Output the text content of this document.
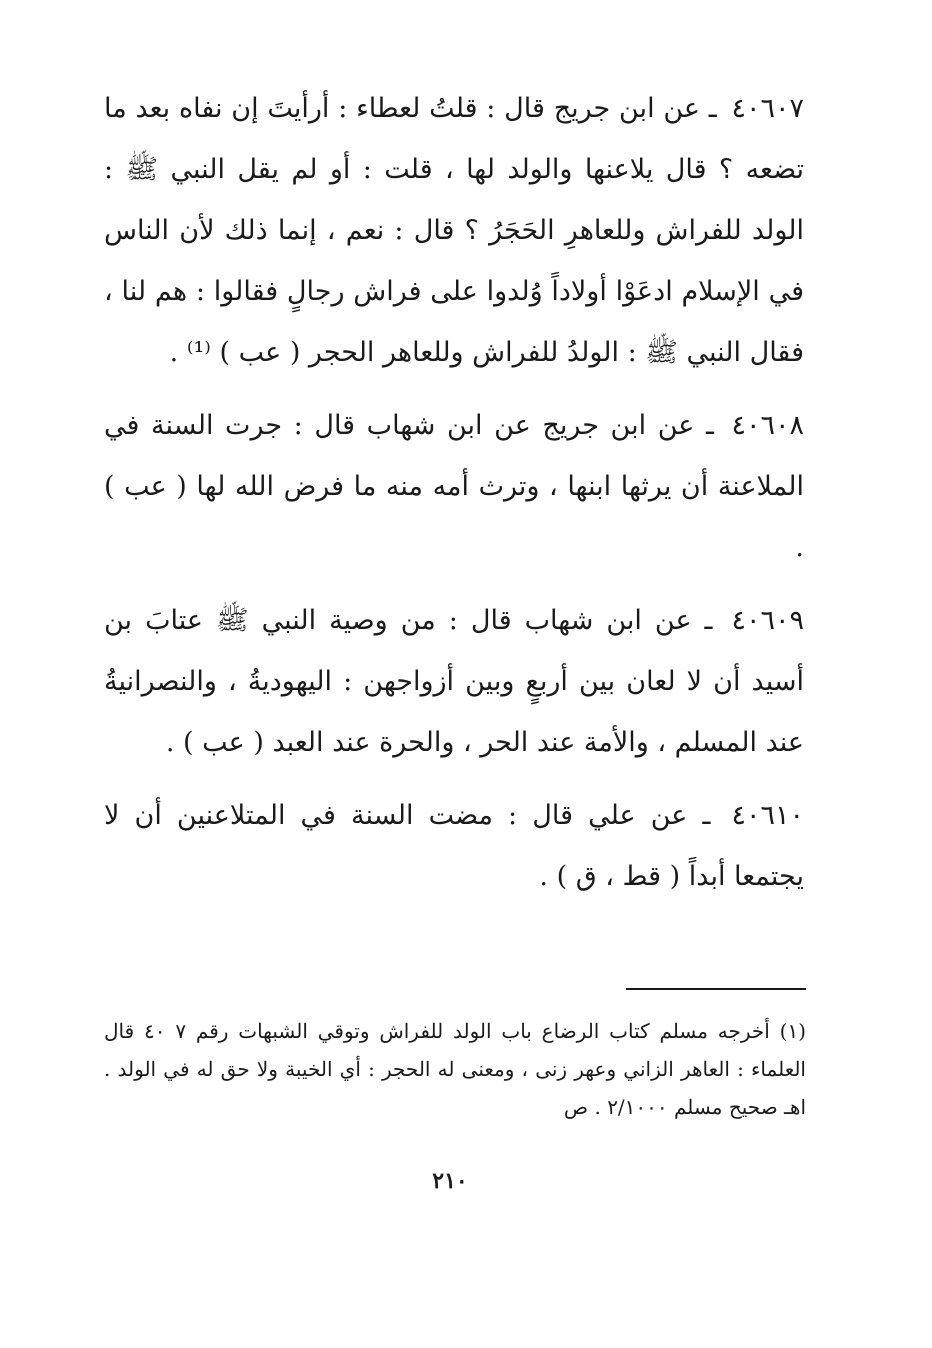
٤٠٦٠٧ ـ عن ابن جريج قال : قلتُ لعطاء : أرأيتَ إن نفاه بعد ما تضعه ؟ قال يلاعنها والولد لها ، قلت : أو لم يقل النبي ﷺ : الولد للفراش وللعاهرِ الحَجَرُ ؟ قال : نعم ، إنما ذلك لأن الناس في الإسلام ادعَوْا أولاداً وُلدوا على فراش رجالٍ فقالوا : هم لنا ، فقال النبي ﷺ : الولدُ للفراش وللعاهر الحجر ( عب ) ⁽¹⁾ .

٤٠٦٠٨ ـ عن ابن جريج عن ابن شهاب قال : جرت السنة في الملاعنة أن يرثها ابنها ، وترث أمه منه ما فرض الله لها ( عب ) .

٤٠٦٠٩ ـ عن ابن شهاب قال : من وصية النبي ﷺ عتابَ بن أسيد أن لا لعان بين أربعٍ وبين أزواجهن : اليهوديةُ ، والنصرانيةُ عند المسلم ، والأمة عند الحر ، والحرة عند العبد ( عب ) .

٤٠٦١٠ ـ عن علي قال : مضت السنة في المتلاعنين أن لا يجتمعا أبداً ( قط ، ق ) .

(١) أخرجه مسلم كتاب الرضاع باب الولد للفراش وتوقي الشبهات رقم ٧ ٤٠ قال العلماء : العاهر الزاني وعهر زنى ، ومعنى له الحجر : أي الخيبة ولا حق له في الولد . اهـ صحيح مسلم ٢/١٠٠٠ . ص

٢١٠
